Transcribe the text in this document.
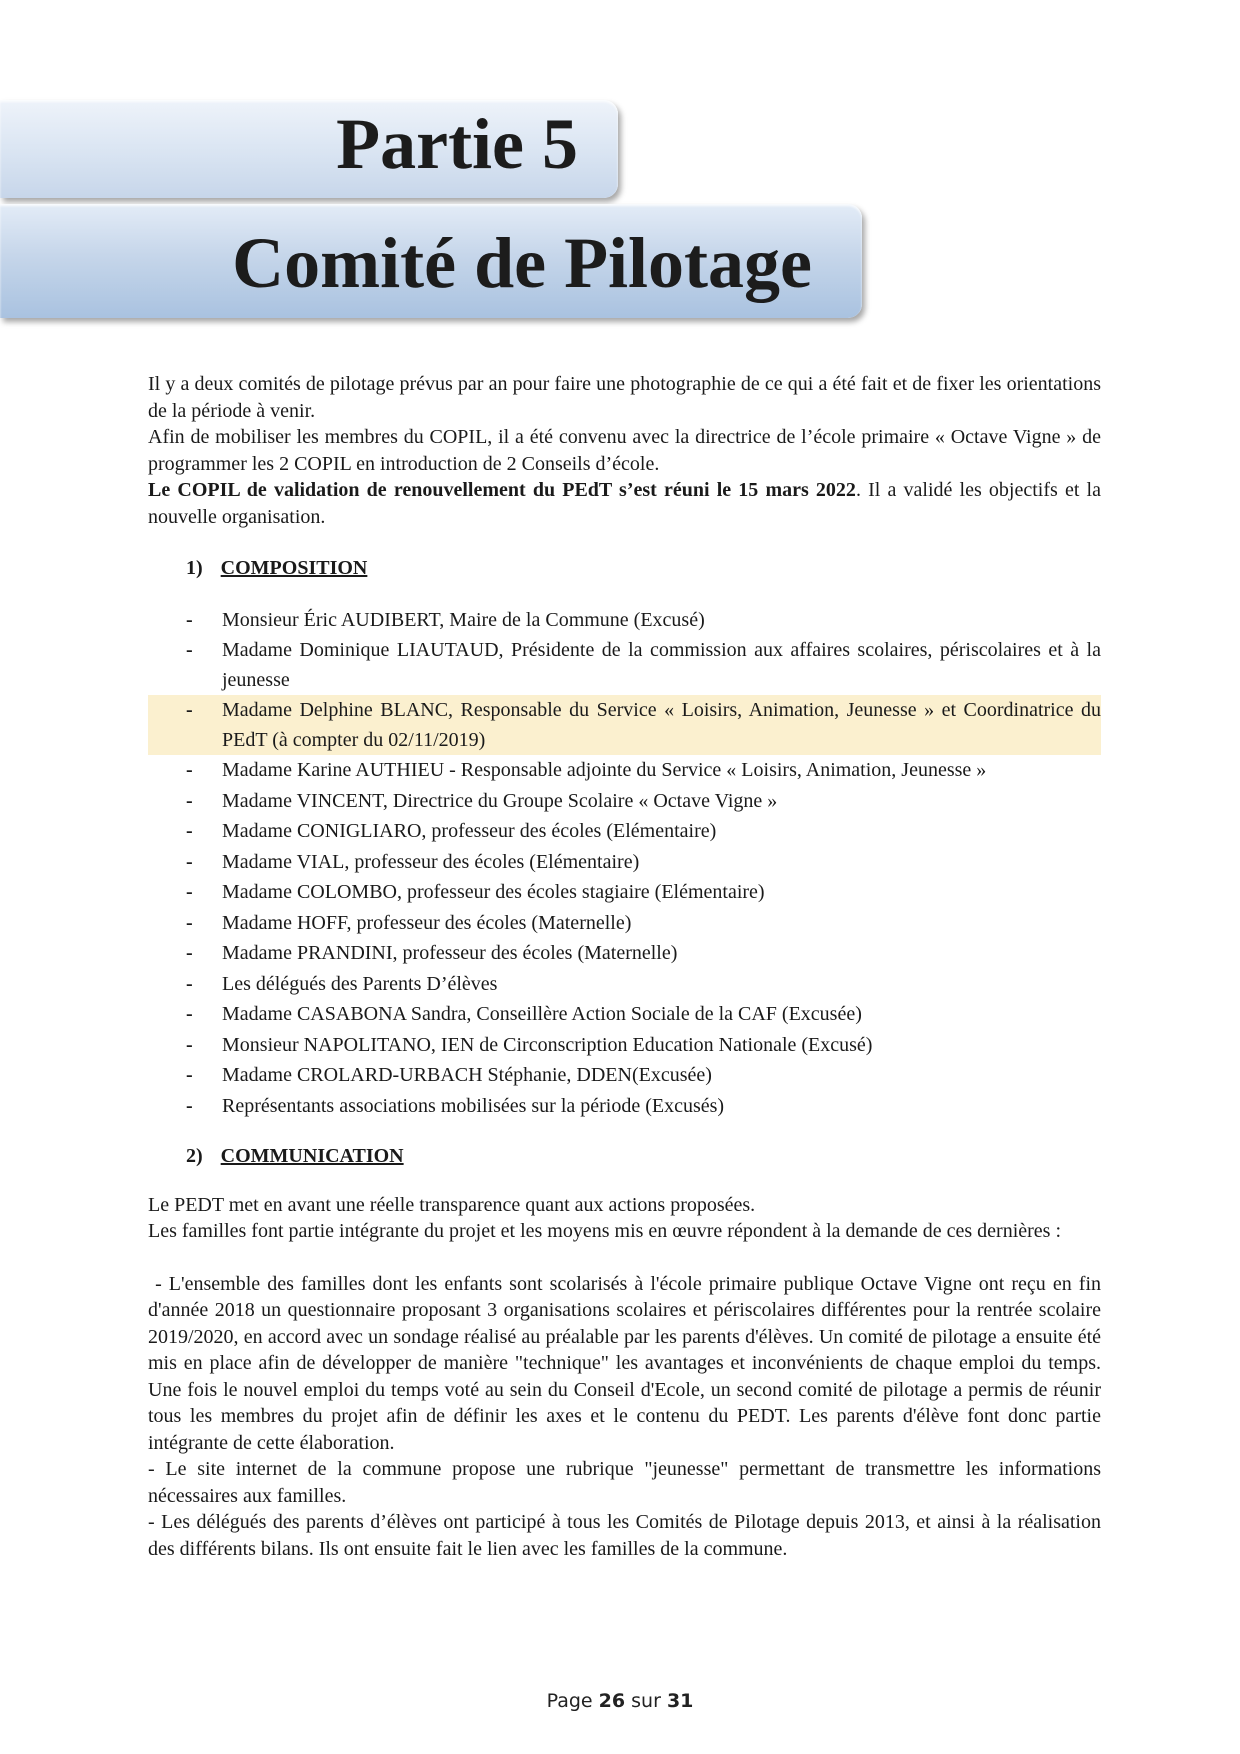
Partie 5
Comité de Pilotage

Il y a deux comités de pilotage prévus par an pour faire une photographie de ce qui a été fait et de fixer les orientations de la période à venir.

Afin de mobiliser les membres du COPIL, il a été convenu avec la directrice de l’école primaire « Octave Vigne » de programmer les 2 COPIL en introduction de 2 Conseils d’école.

Le COPIL de validation de renouvellement du PEdT s’est réuni le 15 mars 2022. Il a validé les objectifs et la nouvelle organisation.

1) COMPOSITION
-	Monsieur Éric AUDIBERT, Maire de la Commune (Excusé)
-	Madame Dominique LIAUTAUD, Présidente de la commission aux affaires scolaires, périscolaires et à la jeunesse
-	Madame Delphine BLANC, Responsable du Service « Loisirs, Animation, Jeunesse » et Coordinatrice du PEdT (à compter du 02/11/2019)
-	Madame Karine AUTHIEU - Responsable adjointe du Service « Loisirs, Animation, Jeunesse »
-	Madame VINCENT, Directrice du Groupe Scolaire « Octave Vigne »
-	Madame CONIGLIARO, professeur des écoles (Elémentaire)
-	Madame VIAL, professeur des écoles (Elémentaire)
-	Madame COLOMBO, professeur des écoles stagiaire (Elémentaire)
-	Madame HOFF, professeur des écoles (Maternelle)
-	Madame PRANDINI, professeur des écoles (Maternelle)
-	Les délégués des Parents D’élèves
-	Madame CASABONA Sandra, Conseillère Action Sociale de la CAF (Excusée)
-	Monsieur NAPOLITANO, IEN de Circonscription Education Nationale (Excusé)
-	Madame CROLARD-URBACH Stéphanie, DDEN(Excusée)
-	Représentants associations mobilisées sur la période (Excusés)
2) COMMUNICATION

Le PEDT met en avant une réelle transparence quant aux actions proposées.

Les familles font partie intégrante du projet et les moyens mis en œuvre répondent à la demande de ces dernières :

- L'ensemble des familles dont les enfants sont scolarisés à l'école primaire publique Octave Vigne ont reçu en fin d'année 2018 un questionnaire proposant 3 organisations scolaires et périscolaires différentes pour la rentrée scolaire 2019/2020, en accord avec un sondage réalisé au préalable par les parents d'élèves. Un comité de pilotage a ensuite été mis en place afin de développer de manière "technique" les avantages et inconvénients de chaque emploi du temps. Une fois le nouvel emploi du temps voté au sein du Conseil d'Ecole, un second comité de pilotage a permis de réunir tous les membres du projet afin de définir les axes et le contenu du PEDT. Les parents d'élève font donc partie intégrante de cette élaboration.

- Le site internet de la commune propose une rubrique "jeunesse" permettant de transmettre les informations nécessaires aux familles.

- Les délégués des parents d’élèves ont participé à tous les Comités de Pilotage depuis 2013, et ainsi à la réalisation des différents bilans. Ils ont ensuite fait le lien avec les familles de la commune.

Page 26 sur 31
